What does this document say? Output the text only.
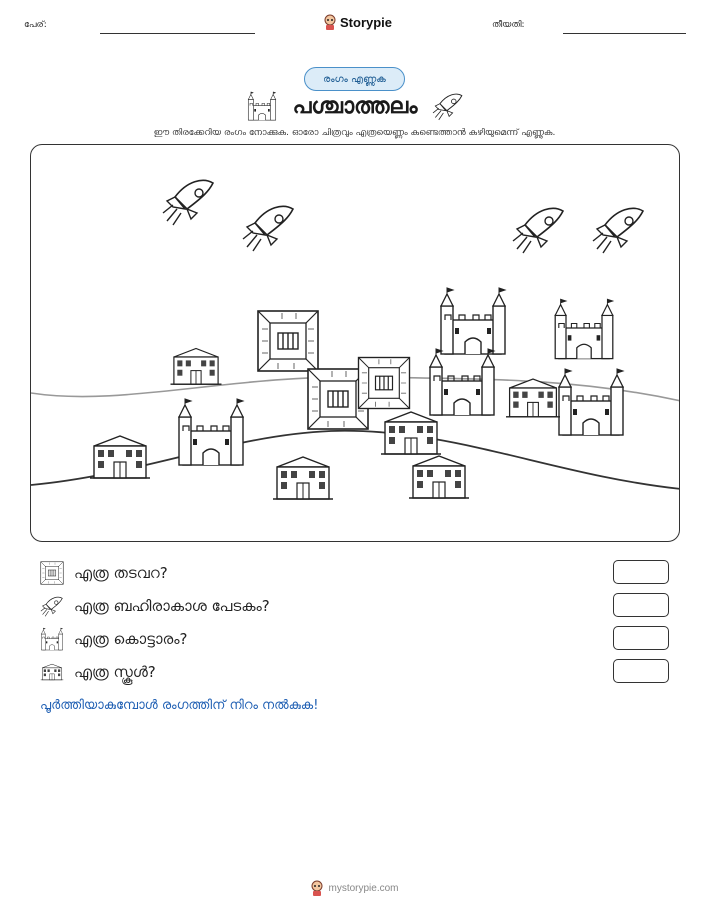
പേര്:	Storypie	തീയതി:
രംഗം എണ്ണുക
പശ്ചാത്തലം
ഈ തിരക്കേറിയ രംഗം നോക്കുക. ഓരോ ചിത്രവും എത്രയെണ്ണം കണ്ടെത്താൻ കഴിയുമെന്ന് എണ്ണുക.
എത്ര തടവറ?
എത്ര ബഹിരാകാശ പേടകം?
എത്ര കൊട്ടാരം?
എത്ര സ്കൂൾ?
പൂർത്തിയാകുമ്പോൾ രംഗത്തിന് നിറം നൽകുക!
mystorypie.com
